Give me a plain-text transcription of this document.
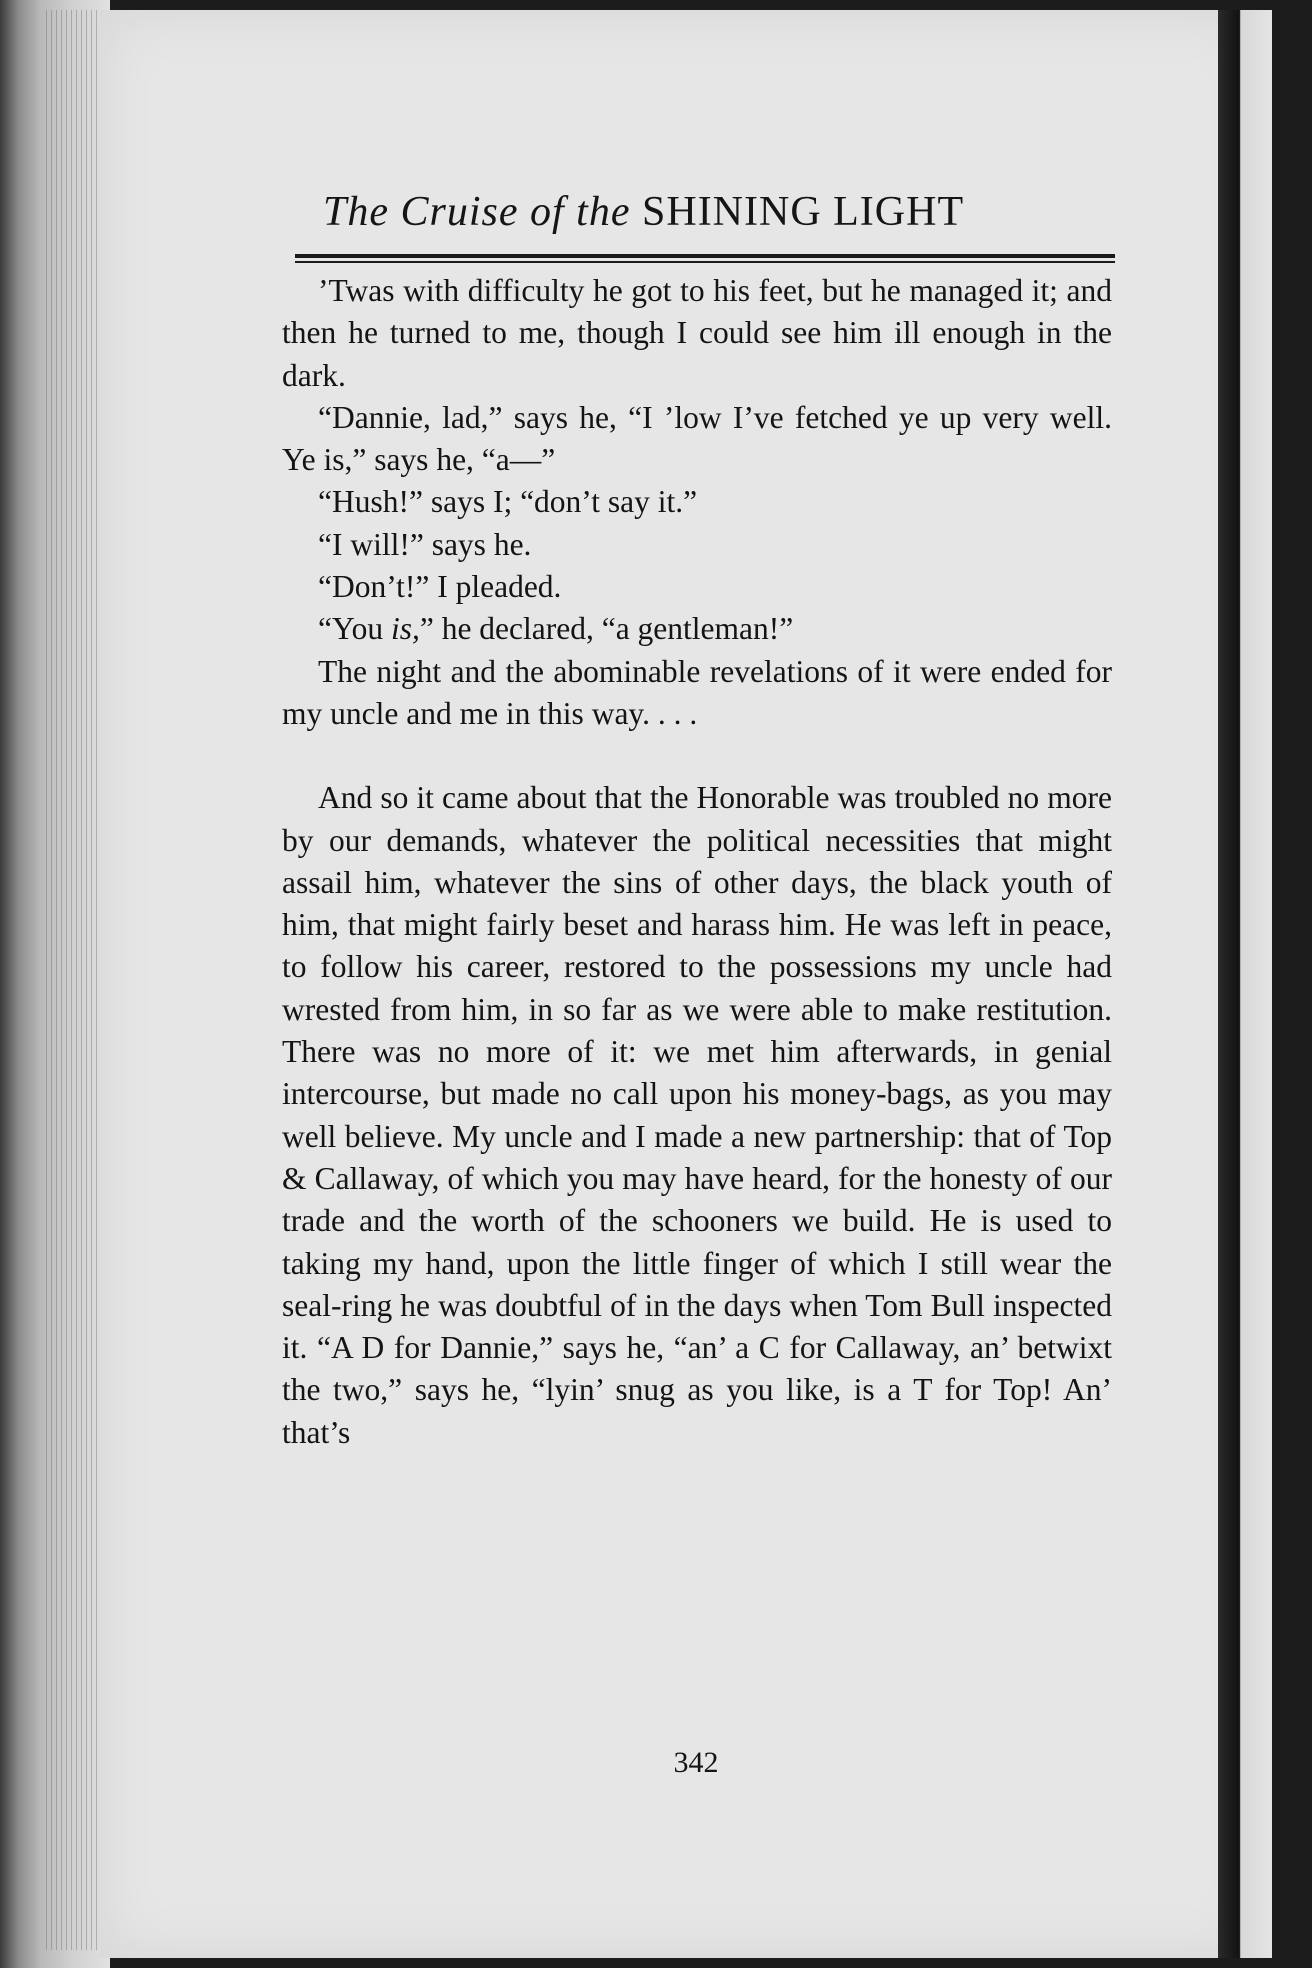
The Cruise of the SHINING LIGHT

’Twas with difficulty he got to his feet, but he managed it; and then he turned to me, though I could see him ill enough in the dark.

“Dannie, lad,” says he, “I ’low I’ve fetched ye up very well. Ye is,” says he, “a—”

“Hush!” says I; “don’t say it.”

“I will!” says he.

“Don’t!” I pleaded.

“You is,” he declared, “a gentleman!”

The night and the abominable revelations of it were ended for my uncle and me in this way. . . .

And so it came about that the Honorable was troubled no more by our demands, whatever the political necessities that might assail him, whatever the sins of other days, the black youth of him, that might fairly beset and harass him. He was left in peace, to follow his career, restored to the possessions my uncle had wrested from him, in so far as we were able to make restitution. There was no more of it: we met him afterwards, in genial intercourse, but made no call upon his money-bags, as you may well believe. My uncle and I made a new partnership: that of Top & Callaway, of which you may have heard, for the honesty of our trade and the worth of the schooners we build. He is used to taking my hand, upon the little finger of which I still wear the seal-ring he was doubtful of in the days when Tom Bull inspected it. “A D for Dannie,” says he, “an’ a C for Callaway, an’ betwixt the two,” says he, “lyin’ snug as you like, is a T for Top! An’ that’s

342
